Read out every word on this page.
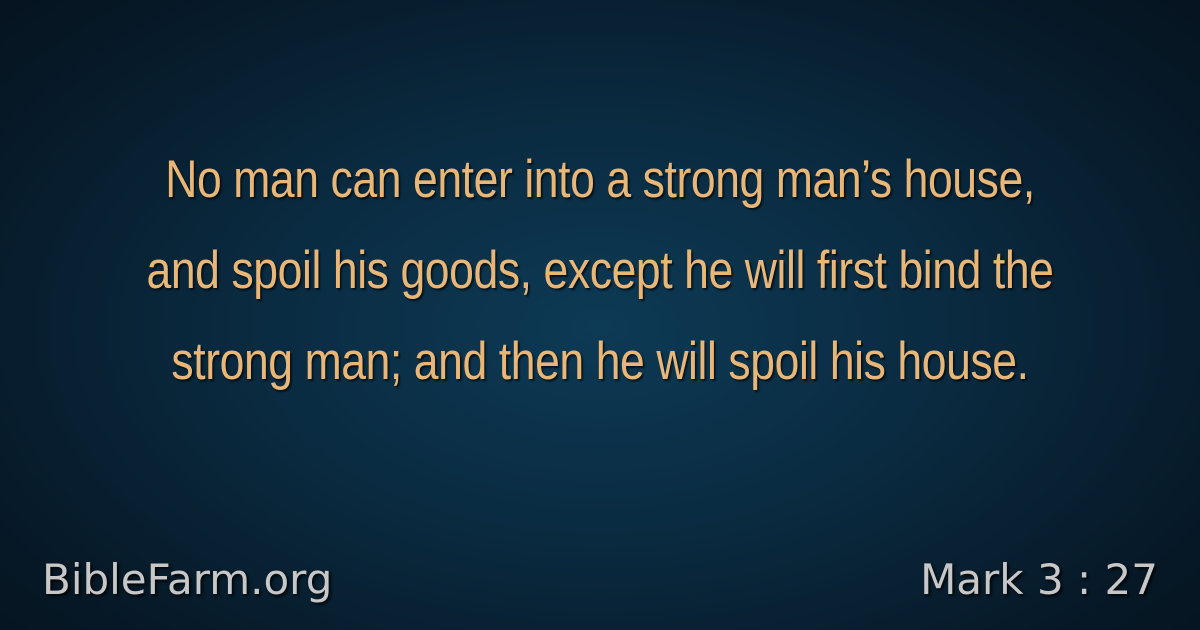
No man can enter into a strong man’s house, and spoil his goods, except he will first bind the strong man; and then he will spoil his house.

BibleFarm.org	Mark 3 : 27
